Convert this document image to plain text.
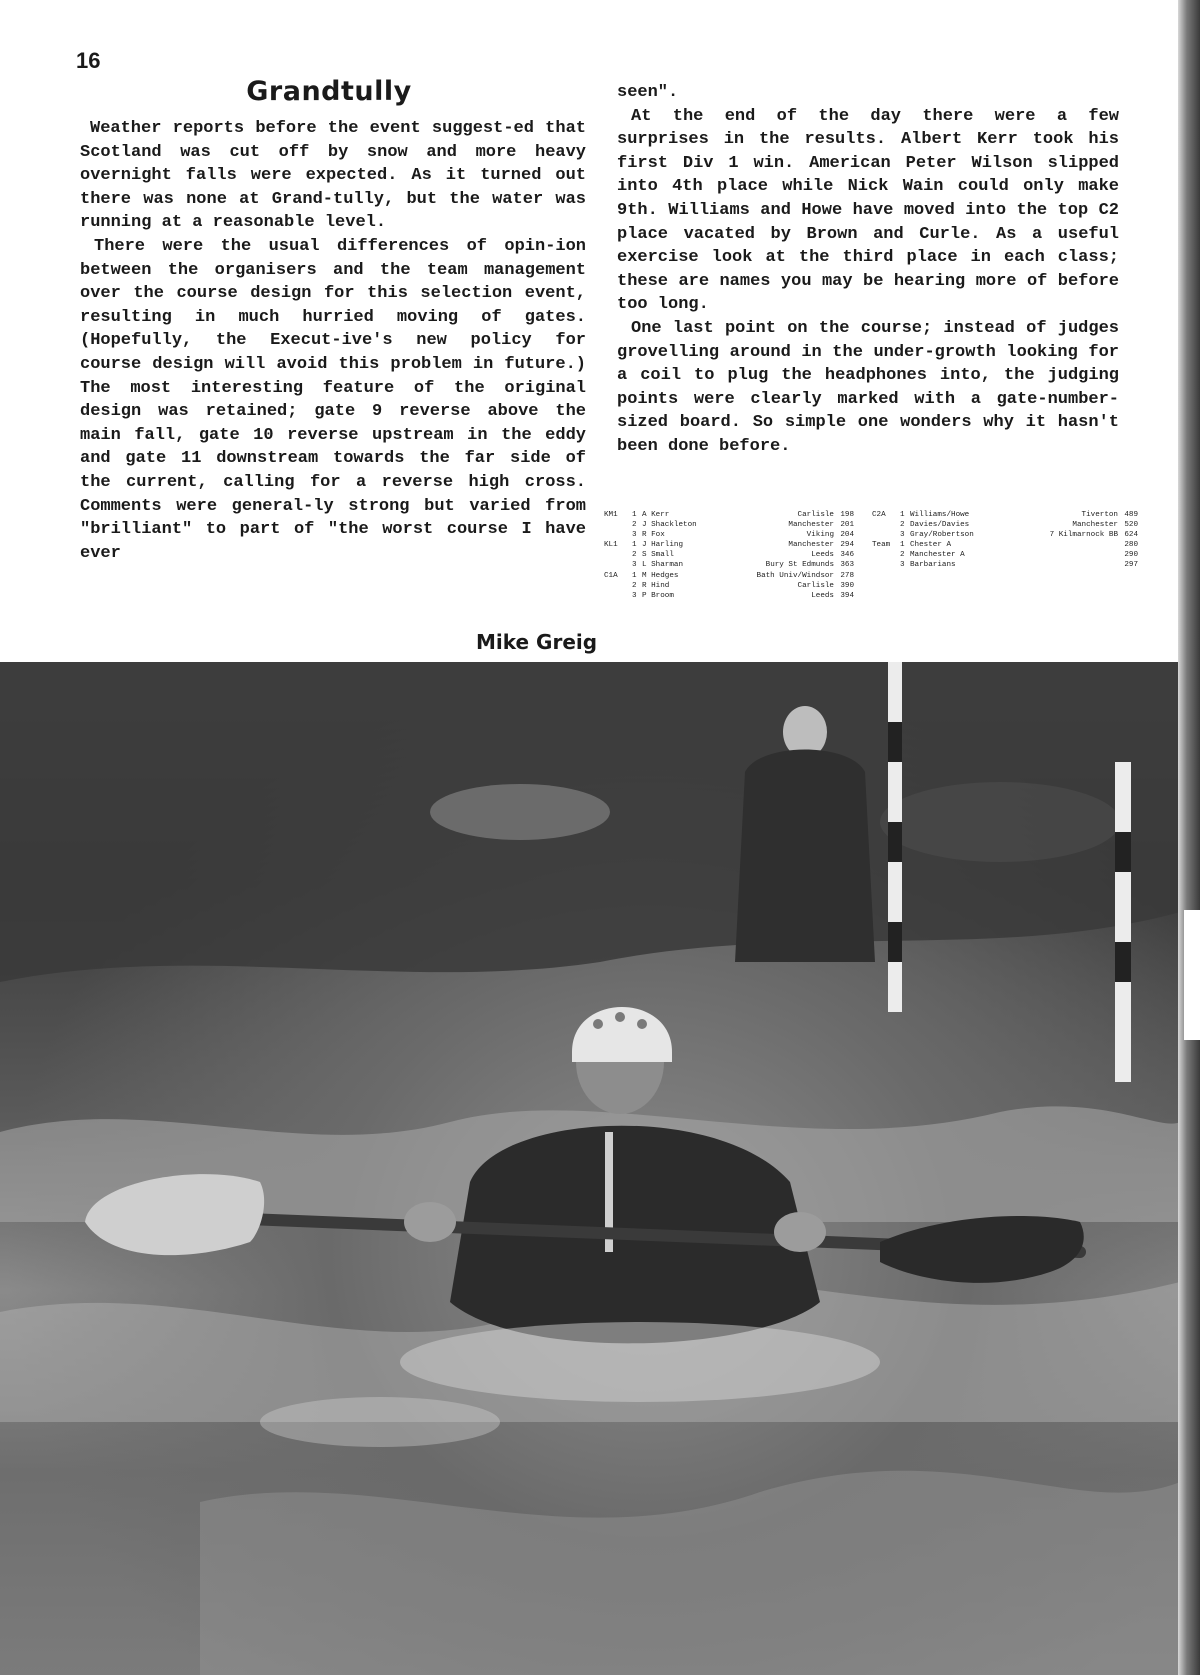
16
Grandtully

Weather reports before the event suggest-ed that Scotland was cut off by snow and more heavy overnight falls were expected. As it turned out there was none at Grand-tully, but the water was running at a reasonable level.

There were the usual differences of opin-ion between the organisers and the team management over the course design for this selection event, resulting in much hurried moving of gates. (Hopefully, the Execut-ive's new policy for course design will avoid this problem in future.) The most interesting feature of the original design was retained; gate 9 reverse above the main fall, gate 10 reverse upstream in the eddy and gate 11 downstream towards the far side of the current, calling for a reverse high cross. Comments were general-ly strong but varied from "brilliant" to part of "the worst course I have ever

seen".

At the end of the day there were a few surprises in the results. Albert Kerr took his first Div 1 win. American Peter Wilson slipped into 4th place while Nick Wain could only make 9th. Williams and Howe have moved into the top C2 place vacated by Brown and Curle. As a useful exercise look at the third place in each class; these are names you may be hearing more of before too long.

One last point on the course; instead of judges grovelling around in the under-growth looking for a coil to plug the headphones into, the judging points were clearly marked with a gate-number-sized board. So simple one wonders why it hasn't been done before.

KM1	1 A Kerr	Carlisle 198
2 J Shackleton	Manchester 201
3 R Fox	Viking 204
KL1	1 J Harling	Manchester 294
2 S Small	Leeds 346
3 L Sharman	Bury St Edmunds 363
C1A	1 M Hedges	Bath Univ/Windsor 278
2 R Hind	Carlisle 390
3 P Broom	Leeds 394
C2A	1 Williams/Howe	Tiverton 489
2 Davies/Davies	Manchester 520
3 Gray/Robertson	7 Kilmarnock BB 624
Team	1 Chester A	280
2 Manchester A	290
3 Barbarians	297
Mike Greig
